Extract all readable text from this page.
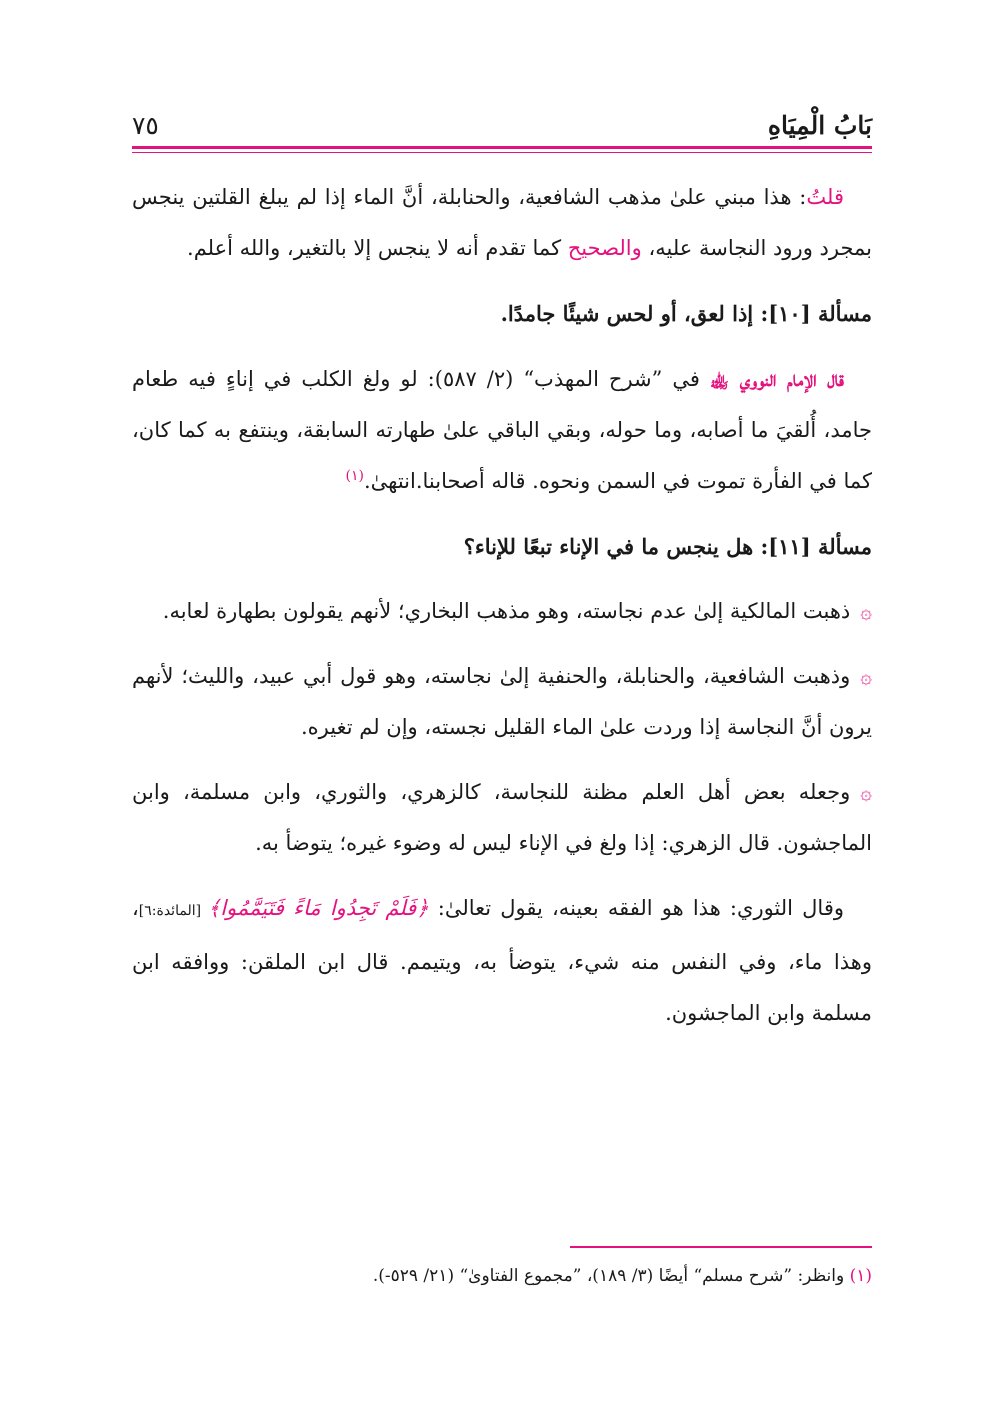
بَابُ الْمِيَاهِ
٧٥

قلتُ: هذا مبني علىٰ مذهب الشافعية، والحنابلة، أنَّ الماء إذا لم يبلغ القلتين ينجس بمجرد ورود النجاسة عليه، والصحيح كما تقدم أنه لا ينجس إلا بالتغير، والله أعلم.

مسألة [١٠]: إذا لعق، أو لحس شيئًا جامدًا.

قال الإمام النووي ﵀ في ”شرح المهذب“ (٢/ ٥٨٧): لو ولغ الكلب في إناءٍ فيه طعام جامد، أُلقيَ ما أصابه، وما حوله، وبقي الباقي علىٰ طهارته السابقة، وينتفع به كما كان، كما في الفأرة تموت في السمن ونحوه. قاله أصحابنا.انتهىٰ.$^{(١)}$

مسألة [١١]: هل ينجس ما في الإناء تبعًا للإناء؟

۞ذهبت المالكية إلىٰ عدم نجاسته، وهو مذهب البخاري؛ لأنهم يقولون بطهارة لعابه.

۞وذهبت الشافعية، والحنابلة، والحنفية إلىٰ نجاسته، وهو قول أبي عبيد، والليث؛ لأنهم يرون أنَّ النجاسة إذا وردت علىٰ الماء القليل نجسته، وإن لم تغيره.

۞وجعله بعض أهل العلم مظنة للنجاسة، كالزهري، والثوري، وابن مسلمة، وابن الماجشون. قال الزهري: إذا ولغ في الإناء ليس له وضوء غيره؛ يتوضأ به.

وقال الثوري: هذا هو الفقه بعينه، يقول تعالىٰ: ﴿فَلَمْ تَجِدُوا مَاءً فَتَيَمَّمُوا﴾ [المائدة:٦]، وهذا ماء، وفي النفس منه شيء، يتوضأ به، ويتيمم. قال ابن الملقن: ووافقه ابن مسلمة وابن الماجشون.

(١) وانظر: ”شرح مسلم“ أيضًا (٣/ ١٨٩)، ”مجموع الفتاوىٰ“ (٢١/ ٥٢٩-).
